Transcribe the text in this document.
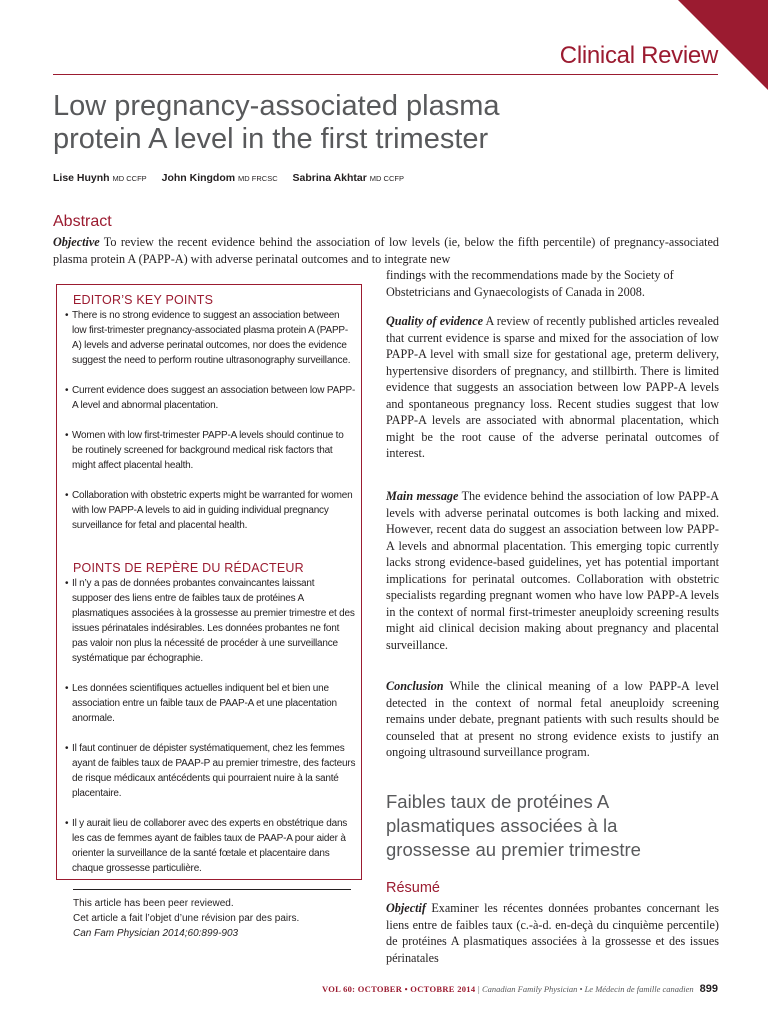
Clinical Review
Low pregnancy-associated plasma
protein A level in the first trimester
Lise Huynh MD CCFP John Kingdom MD FRCSC Sabrina Akhtar MD CCFP
Abstract

Objective To review the recent evidence behind the association of low levels (ie, below the fifth percentile) of pregnancy-associated plasma protein A (PAPP-A) with adverse perinatal outcomes and to integrate new

findings with the recommendations made by the Society of Obstetricians and Gynaecologists of Canada in 2008.

Quality of evidence A review of recently published articles revealed that current evidence is sparse and mixed for the association of low PAPP-A level with small size for gestational age, preterm delivery, hypertensive disorders of pregnancy, and stillbirth. There is limited evidence that suggests an association between low PAPP-A levels and spontaneous pregnancy loss. Recent studies suggest that low PAPP-A levels are associated with abnormal placentation, which might be the root cause of the adverse perinatal outcomes of interest.

Main message The evidence behind the association of low PAPP-A levels with adverse perinatal outcomes is both lacking and mixed. However, recent data do suggest an association between low PAPP-A levels and abnormal placentation. This emerging topic currently lacks strong evidence-based guidelines, yet has potential important implications for perinatal outcomes. Collaboration with obstetric specialists regarding pregnant women who have low PAPP-A levels in the context of normal first-trimester aneuploidy screening results might aid clinical decision making about pregnancy and placental surveillance.

Conclusion While the clinical meaning of a low PAPP-A level detected in the context of normal fetal aneuploidy screening remains under debate, pregnant patients with such results should be counseled that at present no strong evidence exists to justify an ongoing ultrasound surveillance program.

EDITOR’S KEY POINTS
• There is no strong evidence to suggest an association between low first-trimester pregnancy-associated plasma protein A (PAPP-A) levels and adverse perinatal outcomes, nor does the evidence suggest the need to perform routine ultrasonography surveillance.
• Current evidence does suggest an association between low PAPP-A level and abnormal placentation.
• Women with low first-trimester PAPP-A levels should continue to be routinely screened for background medical risk factors that might affect placental health.
• Collaboration with obstetric experts might be warranted for women with low PAPP-A levels to aid in guiding individual pregnancy surveillance for fetal and placental health.
POINTS DE REPÈRE DU RÉDACTEUR
• Il n’y a pas de données probantes convaincantes laissant supposer des liens entre de faibles taux de protéines A plasmatiques associées à la grossesse au premier trimestre et des issues périnatales indésirables. Les données probantes ne font pas valoir non plus la nécessité de procéder à une surveillance systématique par échographie.
• Les données scientifiques actuelles indiquent bel et bien une association entre un faible taux de PAAP-A et une placentation anormale.
• Il faut continuer de dépister systématiquement, chez les femmes ayant de faibles taux de PAAP-P au premier trimestre, des facteurs de risque médicaux antécédents qui pourraient nuire à la santé placentaire.
• Il y aurait lieu de collaborer avec des experts en obstétrique dans les cas de femmes ayant de faibles taux de PAAP-A pour aider à orienter la surveillance de la santé fœtale et placentaire dans chaque grossesse particulière.
This article has been peer reviewed.
Cet article a fait l’objet d’une révision par des pairs.
Can Fam Physician 2014;60:899-903
Faibles taux de protéines A
plasmatiques associées à la
grossesse au premier trimestre
Résumé

Objectif Examiner les récentes données probantes concernant les liens entre de faibles taux (c.-à-d. en-deçà du cinquième percentile) de protéines A plasmatiques associées à la grossesse et des issues périnatales

VOL 60: OCTOBER • OCTOBRE 2014 | Canadian Family Physician • Le Médecin de famille canadien 899
